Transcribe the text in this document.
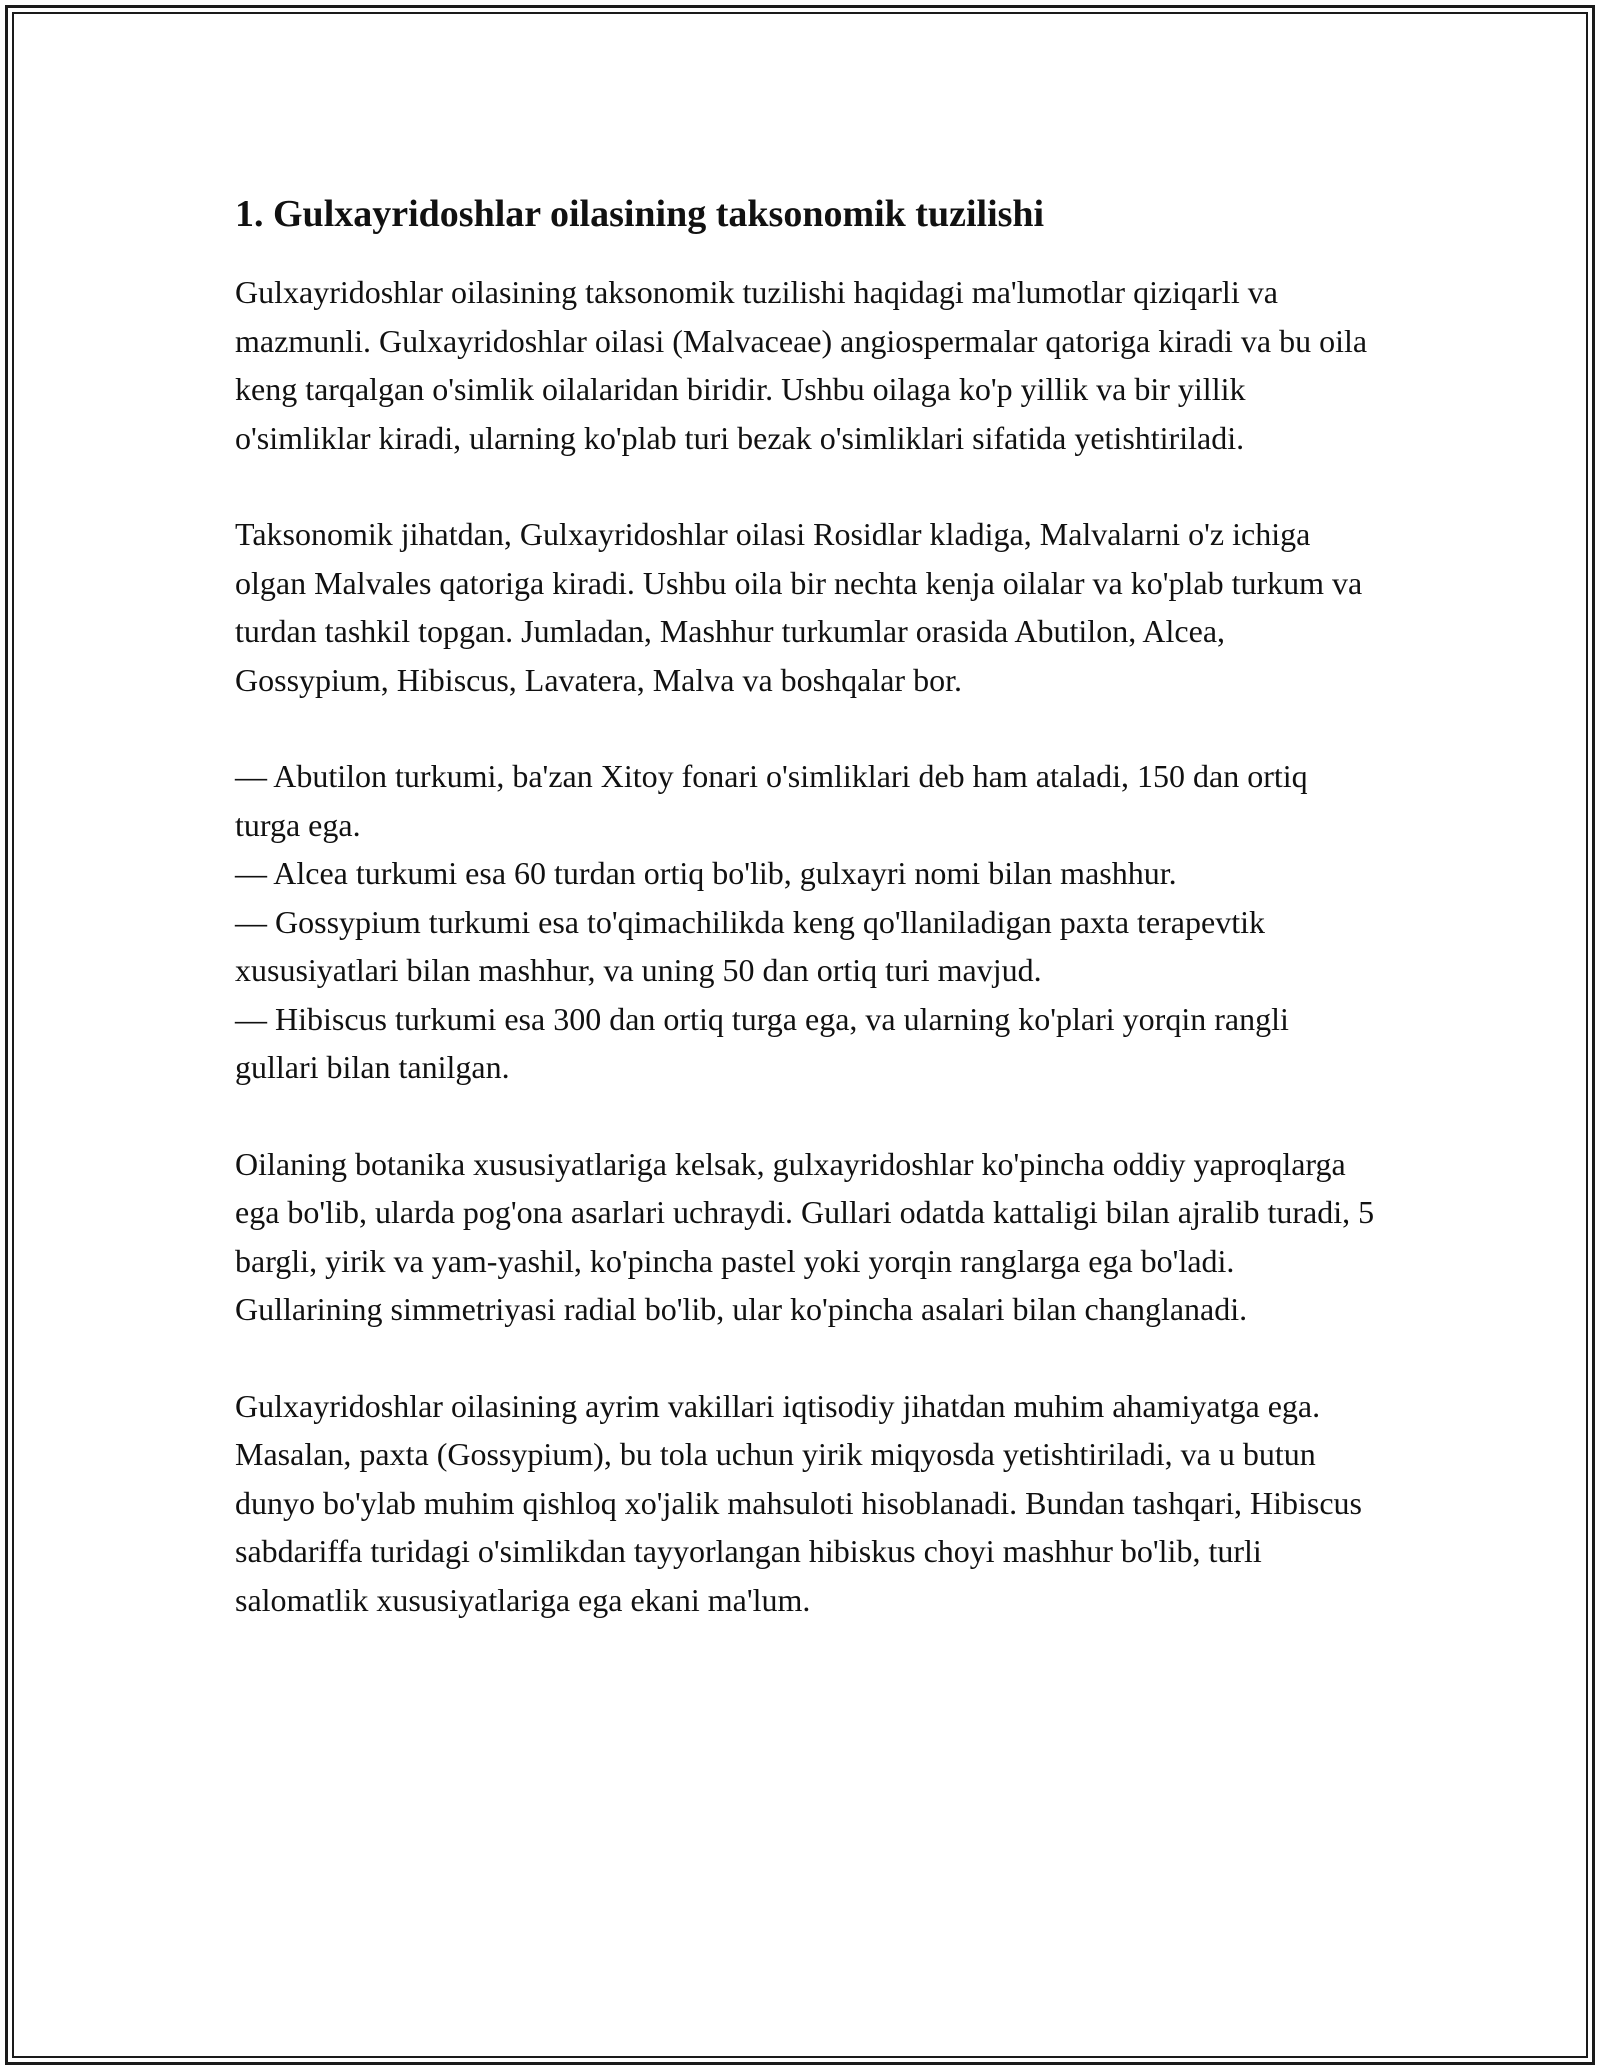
1. Gulxayridoshlar oilasining taksonomik tuzilishi

Gulxayridoshlar oilasining taksonomik tuzilishi haqidagi ma'lumotlar qiziqarli va mazmunli. Gulxayridoshlar oilasi (Malvaceae) angiospermalar qatoriga kiradi va bu oila keng tarqalgan o'simlik oilalaridan biridir. Ushbu oilaga ko'p yillik va bir yillik o'simliklar kiradi, ularning ko'plab turi bezak o'simliklari sifatida yetishtiriladi.

Taksonomik jihatdan, Gulxayridoshlar oilasi Rosidlar kladiga, Malvalarni o'z ichiga olgan Malvales qatoriga kiradi. Ushbu oila bir nechta kenja oilalar va ko'plab turkum va turdan tashkil topgan. Jumladan, Mashhur turkumlar orasida Abutilon, Alcea, Gossypium, Hibiscus, Lavatera, Malva va boshqalar bor.

— Abutilon turkumi, ba'zan Xitoy fonari o'simliklari deb ham ataladi, 150 dan ortiq turga ega.
— Alcea turkumi esa 60 turdan ortiq bo'lib, gulxayri nomi bilan mashhur.
— Gossypium turkumi esa to'qimachilikda keng qo'llaniladigan paxta terapevtik xususiyatlari bilan mashhur, va uning 50 dan ortiq turi mavjud.
— Hibiscus turkumi esa 300 dan ortiq turga ega, va ularning ko'plari yorqin rangli gullari bilan tanilgan.

Oilaning botanika xususiyatlariga kelsak, gulxayridoshlar ko'pincha oddiy yaproqlarga ega bo'lib, ularda pog'ona asarlari uchraydi. Gullari odatda kattaligi bilan ajralib turadi, 5 bargli, yirik va yam-yashil, ko'pincha pastel yoki yorqin ranglarga ega bo'ladi. Gullarining simmetriyasi radial bo'lib, ular ko'pincha asalari bilan changlanadi.

Gulxayridoshlar oilasining ayrim vakillari iqtisodiy jihatdan muhim ahamiyatga ega. Masalan, paxta (Gossypium), bu tola uchun yirik miqyosda yetishtiriladi, va u butun dunyo bo'ylab muhim qishloq xo'jalik mahsuloti hisoblanadi. Bundan tashqari, Hibiscus sabdariffa turidagi o'simlikdan tayyorlangan hibiskus choyi mashhur bo'lib, turli salomatlik xususiyatlariga ega ekani ma'lum.
